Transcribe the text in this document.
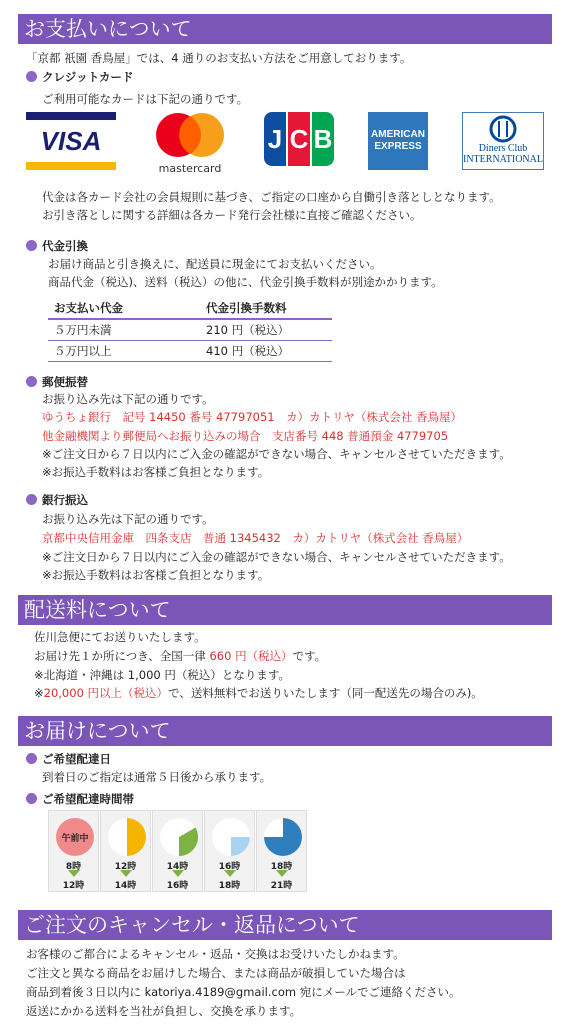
お支払いについて
「京都 祇園 香鳥屋」では、4 通りのお支払い方法をご用意しております。
クレジットカード
ご利用可能なカードは下記の通りです。
VISA
mastercard
J C B	AMERICAN EXPRESS	Diners Club INTERNATIONAL
代金は各カード会社の会員規則に基づき、ご指定の口座から自働引き落としとなります。
お引き落としに関する詳細は各カード発行会社様に直接ご確認ください。
代金引換
お届け商品と引き換えに、配送員に現金にてお支払いください。
商品代金（税込)、送料（税込）の他に、代金引換手数料が別途かかります。
お支払い代金	代金引換手数料
５万円未満	210 円（税込）
５万円以上	410 円（税込）
郵便振替
お振り込み先は下記の通りです。
ゆうちょ銀行　記号 14450 番号 47797051　カ）カトリヤ（株式会社 香鳥屋）
他金融機関より郵便局へお振り込みの場合　支店番号 448 普通預金 4779705
※ご注文日から７日以内にご入金の確認ができない場合、キャンセルさせていただきます。
※お振込手数料はお客様ご負担となります。
銀行振込
お振り込み先は下記の通りです。
京都中央信用金庫　四条支店　普通 1345432　カ）カトリヤ（株式会社 香鳥屋）
※ご注文日から７日以内にご入金の確認ができない場合、キャンセルさせていただきます。
※お振込手数料はお客様ご負担となります。
配送料について
佐川急便にてお送りいたします。
お届け先１か所につき、全国一律 660 円（税込）です。
※北海道・沖縄は 1,000 円（税込）となります。
※20,000 円以上（税込）で、送料無料でお送りいたします（同一配送先の場合のみ)。
お届けについて
ご希望配達日
到着日のご指定は通常５日後から承ります。
ご希望配達時間帯
午前中
8時
12時
12時
14時
14時
16時
16時
18時
18時
21時
ご注文のキャンセル・返品について
お客様のご都合によるキャンセル・返品・交換はお受けいたしかねます。
ご注文と異なる商品をお届けした場合、または商品が破損していた場合は
商品到着後３日以内に katoriya.4189@gmail.com 宛にメールでご連絡ください。
返送にかかる送料を当社が負担し、交換を承ります。
